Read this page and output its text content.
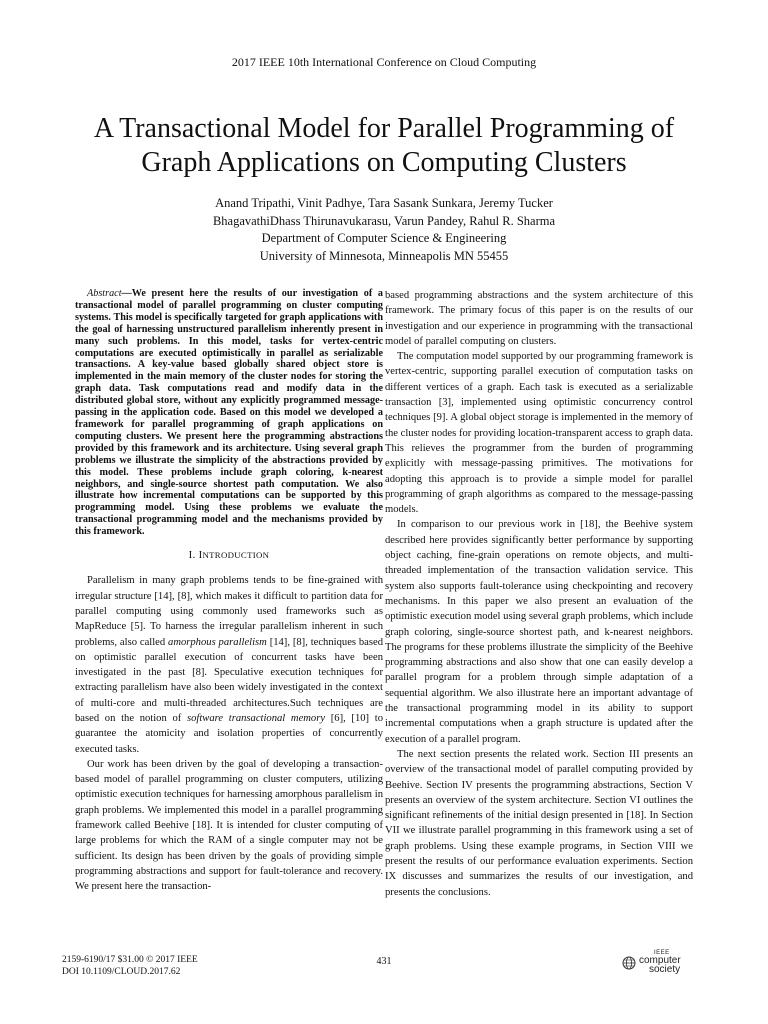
2017 IEEE 10th International Conference on Cloud Computing
A Transactional Model for Parallel Programming of
Graph Applications on Computing Clusters
Anand Tripathi, Vinit Padhye, Tara Sasank Sunkara, Jeremy Tucker
BhagavathiDhass Thirunavukarasu, Varun Pandey, Rahul R. Sharma
Department of Computer Science & Engineering
University of Minnesota, Minneapolis MN 55455

Abstract—We present here the results of our investigation of a transactional model of parallel programming on cluster computing systems. This model is specifically targeted for graph applications with the goal of harnessing unstructured parallelism inherently present in many such problems. In this model, tasks for vertex-centric computations are executed optimistically in parallel as serializable transactions. A key-value based globally shared object store is implemented in the main memory of the cluster nodes for storing the graph data. Task computations read and modify data in the distributed global store, without any explicitly programmed message-passing in the application code. Based on this model we developed a framework for parallel programming of graph applications on computing clusters. We present here the programming abstractions provided by this framework and its architecture. Using several graph problems we illustrate the simplicity of the abstractions provided by this model. These problems include graph coloring, k-nearest neighbors, and single-source shortest path computation. We also illustrate how incremental computations can be supported by this programming model. Using these problems we evaluate the transactional programming model and the mechanisms provided by this framework.

I. INTRODUCTION

Parallelism in many graph problems tends to be fine-grained with irregular structure [14], [8], which makes it difficult to partition data for parallel computing using commonly used frameworks such as MapReduce [5]. To harness the irregular parallelism inherent in such problems, also called amorphous parallelism [14], [8], techniques based on optimistic parallel execution of concurrent tasks have been investigated in the past [8]. Speculative execution techniques for extracting parallelism have also been widely investigated in the context of multi-core and multi-threaded architectures.Such techniques are based on the notion of software transactional memory [6], [10] to guarantee the atomicity and isolation properties of concurrently executed tasks.

Our work has been driven by the goal of developing a transaction-based model of parallel programming on cluster computers, utilizing optimistic execution techniques for harnessing amorphous parallelism in graph problems. We implemented this model in a parallel programming framework called Beehive [18]. It is intended for cluster computing of large problems for which the RAM of a single computer may not be sufficient. Its design has been driven by the goals of providing simple programming abstractions and support for fault-tolerance and recovery. We present here the transaction-

based programming abstractions and the system architecture of this framework. The primary focus of this paper is on the results of our investigation and our experience in programming with the transactional model of parallel computing on clusters.

The computation model supported by our programming framework is vertex-centric, supporting parallel execution of computation tasks on different vertices of a graph. Each task is executed as a serializable transaction [3], implemented using optimistic concurrency control techniques [9]. A global object storage is implemented in the memory of the cluster nodes for providing location-transparent access to graph data. This relieves the programmer from the burden of programming explicitly with message-passing primitives. The motivations for adopting this approach is to provide a simple model for parallel programming of graph algorithms as compared to the message-passing models.

In comparison to our previous work in [18], the Beehive system described here provides significantly better performance by supporting object caching, fine-grain operations on remote objects, and multi-threaded implementation of the transaction validation service. This system also supports fault-tolerance using checkpointing and recovery mechanisms. In this paper we also present an evaluation of the optimistic execution model using several graph problems, which include graph coloring, single-source shortest path, and k-nearest neighbors. The programs for these problems illustrate the simplicity of the Beehive programming abstractions and also show that one can easily develop a parallel program for a problem through simple adaptation of a sequential algorithm. We also illustrate here an important advantage of the transactional programming model in its ability to support incremental computations when a graph structure is updated after the execution of a parallel program.

The next section presents the related work. Section III presents an overview of the transactional model of parallel computing provided by Beehive. Section IV presents the programming abstractions, Section V presents an overview of the system architecture. Section VI outlines the significant refinements of the initial design presented in [18]. In Section VII we illustrate parallel programming in this framework using a set of graph problems. Using these example programs, in Section VIII we present the results of our performance evaluation experiments. Section IX discusses and summarizes the results of our investigation, and presents the conclusions.

2159-6190/17 $31.00 © 2017 IEEE
DOI 10.1109/CLOUD.2017.62
431
IEEE
computer
society
